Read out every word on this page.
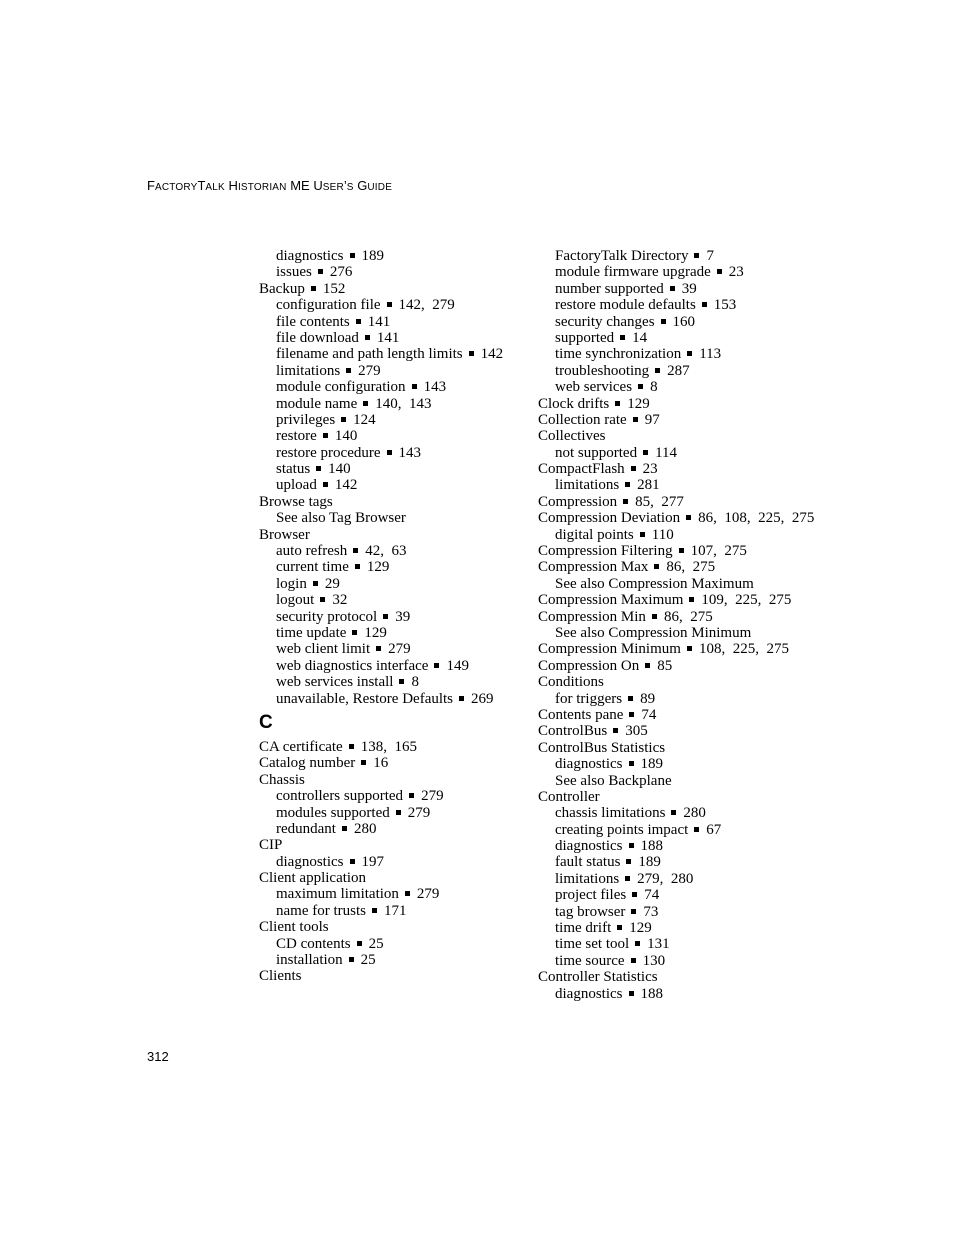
FACTORYTALK HISTORIAN ME USER’S GUIDE
diagnostics 189
issues 276
Backup 152
configuration file 142,  279
file contents 141
file download 141
filename and path length limits 142
limitations 279
module configuration 143
module name 140,  143
privileges 124
restore 140
restore procedure 143
status 140
upload 142
Browse tags
See also Tag Browser
Browser
auto refresh 42,  63
current time 129
login 29
logout 32
security protocol 39
time update 129
web client limit 279
web diagnostics interface 149
web services install 8
unavailable, Restore Defaults 269
C
CA certificate 138,  165
Catalog number 16
Chassis
controllers supported 279
modules supported 279
redundant 280
CIP
diagnostics 197
Client application
maximum limitation 279
name for trusts 171
Client tools
CD contents 25
installation 25
Clients
FactoryTalk Directory 7
module firmware upgrade 23
number supported 39
restore module defaults 153
security changes 160
supported 14
time synchronization 113
troubleshooting 287
web services 8
Clock drifts 129
Collection rate 97
Collectives
not supported 114
CompactFlash 23
limitations 281
Compression 85,  277
Compression Deviation 86,  108,  225,  275
digital points 110
Compression Filtering 107,  275
Compression Max 86,  275
See also Compression Maximum
Compression Maximum 109,  225,  275
Compression Min 86,  275
See also Compression Minimum
Compression Minimum 108,  225,  275
Compression On 85
Conditions
for triggers 89
Contents pane 74
ControlBus 305
ControlBus Statistics
diagnostics 189
See also Backplane
Controller
chassis limitations 280
creating points impact 67
diagnostics 188
fault status 189
limitations 279,  280
project files 74
tag browser 73
time drift 129
time set tool 131
time source 130
Controller Statistics
diagnostics 188
312
